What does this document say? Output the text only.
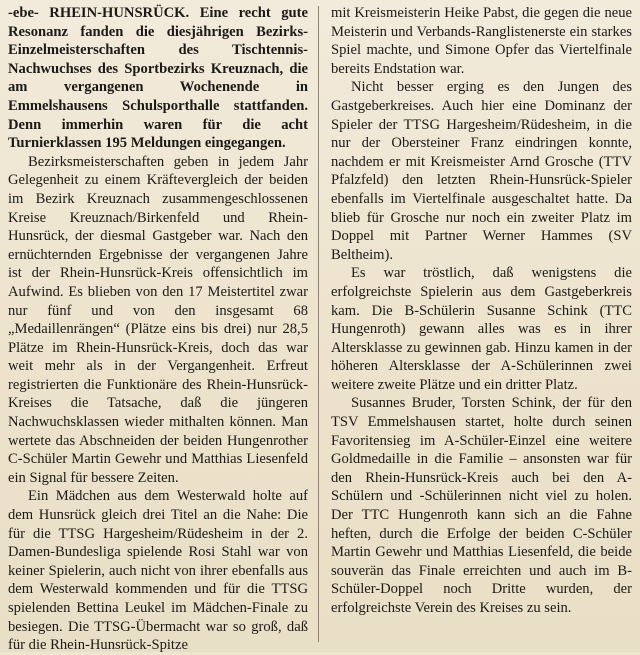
-ebe- RHEIN-HUNSRÜCK. Eine recht gute Resonanz fanden die diesjährigen Bezirks-Einzelmeisterschaften des Tischtennis-Nachwuchses des Sportbezirks Kreuznach, die am vergangenen Wochenende in Emmelshausens Schulsporthalle stattfanden. Denn immerhin waren für die acht Turnierklassen 195 Meldungen eingegangen.

Bezirksmeisterschaften geben in jedem Jahr Gelegenheit zu einem Kräftevergleich der beiden im Bezirk Kreuznach zusammengeschlossenen Kreise Kreuznach/Birkenfeld und Rhein-Hunsrück, der diesmal Gastgeber war. Nach den ernüchternden Ergebnisse der vergangenen Jahre ist der Rhein-Hunsrück-Kreis offensichtlich im Aufwind. Es blieben von den 17 Meistertitel zwar nur fünf und von den insgesamt 68 „Medaillenrängen“ (Plätze eins bis drei) nur 28,5 Plätze im Rhein-Hunsrück-Kreis, doch das war weit mehr als in der Vergangenheit. Erfreut registrierten die Funktionäre des Rhein-Hunsrück-Kreises die Tatsache, daß die jüngeren Nachwuchsklassen wieder mithalten können. Man wertete das Abschneiden der beiden Hungenrother C-Schüler Martin Gewehr und Matthias Liesenfeld ein Signal für bessere Zeiten.

Ein Mädchen aus dem Westerwald holte auf dem Hunsrück gleich drei Titel an die Nahe: Die für die TTSG Hargesheim/Rüdesheim in der 2. Damen-Bundesliga spielende Rosi Stahl war von keiner Spielerin, auch nicht von ihrer ebenfalls aus dem Westerwald kommenden und für die TTSG spielenden Bettina Leukel im Mädchen-Finale zu besiegen. Die TTSG-Übermacht war so groß, daß für die Rhein-Hunsrück-Spitze

mit Kreismeisterin Heike Pabst, die gegen die neue Meisterin und Verbands-Ranglistenerste ein starkes Spiel machte, und Simone Opfer das Viertelfinale bereits Endstation war.

Nicht besser erging es den Jungen des Gastgeberkreises. Auch hier eine Dominanz der Spieler der TTSG Hargesheim/Rüdesheim, in die nur der Obersteiner Franz eindringen konnte, nachdem er mit Kreismeister Arnd Grosche (TTV Pfalzfeld) den letzten Rhein-Hunsrück-Spieler ebenfalls im Viertelfinale ausgeschaltet hatte. Da blieb für Grosche nur noch ein zweiter Platz im Doppel mit Partner Werner Hammes (SV Beltheim).

Es war tröstlich, daß wenigstens die erfolgreichste Spielerin aus dem Gastgeberkreis kam. Die B-Schülerin Susanne Schink (TTC Hungenroth) gewann alles was es in ihrer Altersklasse zu gewinnen gab. Hinzu kamen in der höheren Altersklasse der A-Schülerinnen zwei weitere zweite Plätze und ein dritter Platz.

Susannes Bruder, Torsten Schink, der für den TSV Emmelshausen startet, holte durch seinen Favoritensieg im A-Schüler-Einzel eine weitere Goldmedaille in die Familie – ansonsten war für den Rhein-Hunsrück-Kreis auch bei den A-Schülern und -Schülerinnen nicht viel zu holen. Der TTC Hungenroth kann sich an die Fahne heften, durch die Erfolge der beiden C-Schüler Martin Gewehr und Matthias Liesenfeld, die beide souverän das Finale erreichten und auch im B-Schüler-Doppel noch Dritte wurden, der erfolgreichste Verein des Kreises zu sein.
